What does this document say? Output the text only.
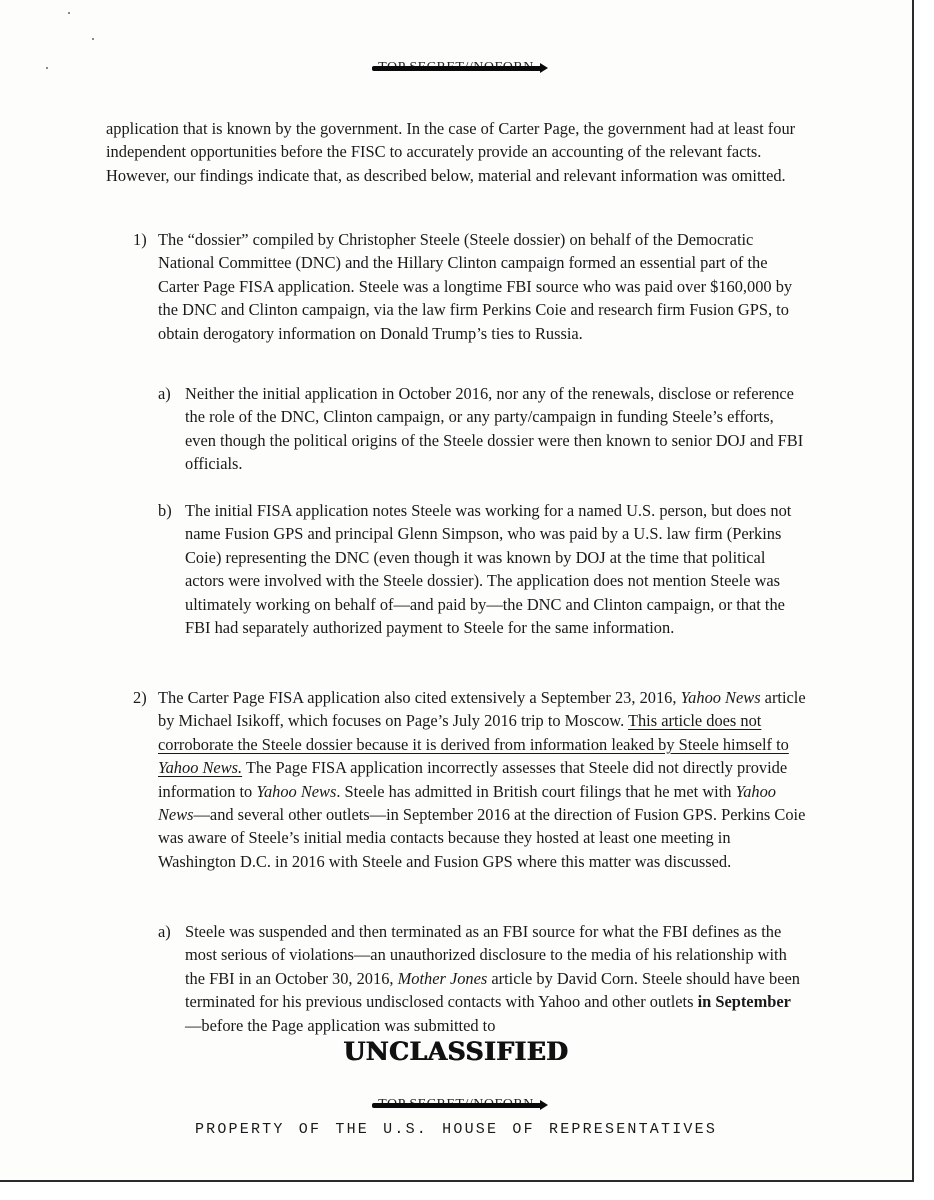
application that is known by the government. In the case of Carter Page, the government had at least four independent opportunities before the FISC to accurately provide an accounting of the relevant facts. However, our findings indicate that, as described below, material and relevant information was omitted.

1) The “dossier” compiled by Christopher Steele (Steele dossier) on behalf of the Democratic National Committee (DNC) and the Hillary Clinton campaign formed an essential part of the Carter Page FISA application. Steele was a longtime FBI source who was paid over $160,000 by the DNC and Clinton campaign, via the law firm Perkins Coie and research firm Fusion GPS, to obtain derogatory information on Donald Trump’s ties to Russia.

a) Neither the initial application in October 2016, nor any of the renewals, disclose or reference the role of the DNC, Clinton campaign, or any party/campaign in funding Steele’s efforts, even though the political origins of the Steele dossier were then known to senior DOJ and FBI officials.

b) The initial FISA application notes Steele was working for a named U.S. person, but does not name Fusion GPS and principal Glenn Simpson, who was paid by a U.S. law firm (Perkins Coie) representing the DNC (even though it was known by DOJ at the time that political actors were involved with the Steele dossier). The application does not mention Steele was ultimately working on behalf of—and paid by—the DNC and Clinton campaign, or that the FBI had separately authorized payment to Steele for the same information.

2) The Carter Page FISA application also cited extensively a September 23, 2016, Yahoo News article by Michael Isikoff, which focuses on Page’s July 2016 trip to Moscow. This article does not corroborate the Steele dossier because it is derived from information leaked by Steele himself to Yahoo News. The Page FISA application incorrectly assesses that Steele did not directly provide information to Yahoo News. Steele has admitted in British court filings that he met with Yahoo News—and several other outlets—in September 2016 at the direction of Fusion GPS. Perkins Coie was aware of Steele’s initial media contacts because they hosted at least one meeting in Washington D.C. in 2016 with Steele and Fusion GPS where this matter was discussed.

a) Steele was suspended and then terminated as an FBI source for what the FBI defines as the most serious of violations—an unauthorized disclosure to the media of his relationship with the FBI in an October 30, 2016, Mother Jones article by David Corn. Steele should have been terminated for his previous undisclosed contacts with Yahoo and other outlets in September—before the Page application was submitted to

UNCLASSIFIED
PROPERTY OF THE U.S. HOUSE OF REPRESENTATIVES
